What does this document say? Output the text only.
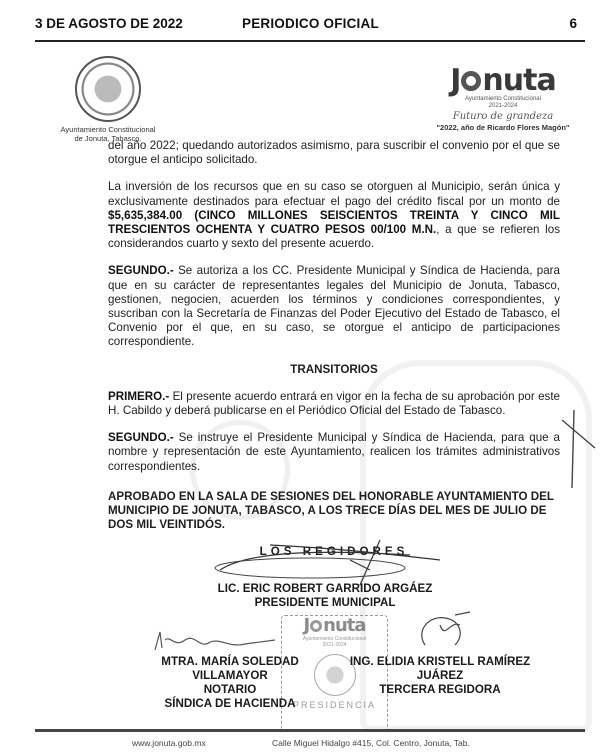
3 DE AGOSTO DE 2022	PERIODICO OFICIAL	6
Ayuntamiento Constitucional
de Jonuta, Tabasco.
J nuta
Ayuntamiento Constitucional
2021-2024
Futuro de grandeza
"2022, año de Ricardo Flores Magón"

del año 2022; quedando autorizados asimismo, para suscribir el convenio por el que se otorgue el anticipo solicitado.

La inversión de los recursos que en su caso se otorguen al Municipio, serán única y exclusivamente destinados para efectuar el pago del crédito fiscal por un monto de $5,635,384.00 (CINCO MILLONES SEISCIENTOS TREINTA Y CINCO MIL TRESCIENTOS OCHENTA Y CUATRO PESOS 00/100 M.N., a que se refieren los considerandos cuarto y sexto del presente acuerdo.

SEGUNDO.- Se autoriza a los CC. Presidente Municipal y Síndica de Hacienda, para que en su carácter de representantes legales del Municipio de Jonuta, Tabasco, gestionen, negocien, acuerden los términos y condiciones correspondientes, y suscriban con la Secretaría de Finanzas del Poder Ejecutivo del Estado de Tabasco, el Convenio por el que, en su caso, se otorgue el anticipo de participaciones correspondiente.

TRANSITORIOS

PRIMERO.- El presente acuerdo entrará en vigor en la fecha de su aprobación por este H. Cabildo y deberá publicarse en el Periódico Oficial del Estado de Tabasco.

SEGUNDO.- Se instruye el Presidente Municipal y Síndica de Hacienda, para que a nombre y representación de este Ayuntamiento, realicen los trámites administrativos correspondientes.

APROBADO EN LA SALA DE SESIONES DEL HONORABLE AYUNTAMIENTO DEL MUNICIPIO DE JONUTA, TABASCO, A LOS TRECE DÍAS DEL MES DE JULIO DE DOS MIL VEINTIDÓS.

LOS REGIDORES

LIC. ERIC ROBERT GARRIDO ARGÁEZ
PRESIDENTE MUNICIPAL
J nuta
Ayuntamiento Constitucional
2021-2024
PRESIDENCIA
MTRA. MARÍA SOLEDAD
VILLAMAYOR
NOTARIO
SÍNDICA DE HACIENDA
ING. ELIDIA KRISTELL RAMÍREZ
JUÁREZ
TERCERA REGIDORA
www.jonuta.gob.mx	Calle Miguel Hidalgo #415, Col. Centro, Jonuta, Tab.
